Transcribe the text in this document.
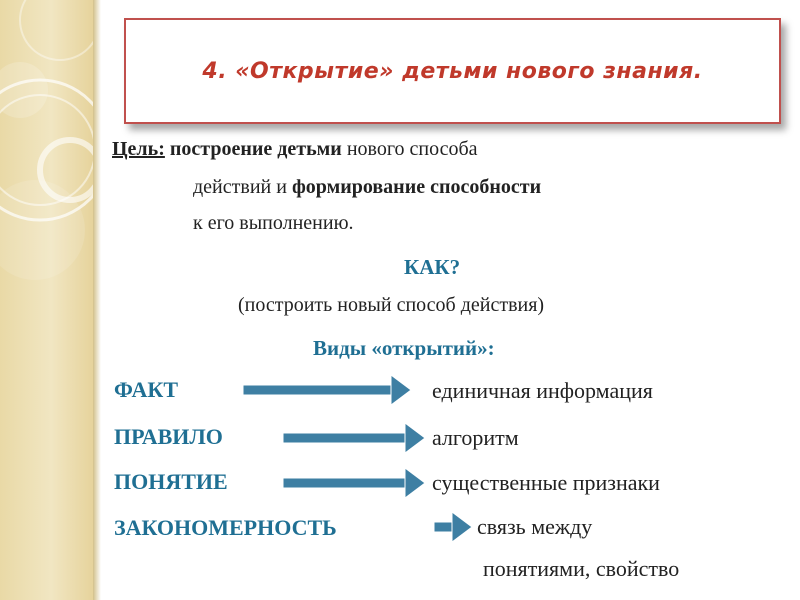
4. «Открытие» детьми нового знания.
Цель: построение детьми нового способа
действий и формирование способности
к его выполнению.
КАК?
(построить новый способ действия)
Виды «открытий»:
ФАКТ	единичная информация
ПРАВИЛО	алгоритм
ПОНЯТИЕ	существенные признаки
ЗАКОНОМЕРНОСТЬ	связь между
понятиями, свойство
